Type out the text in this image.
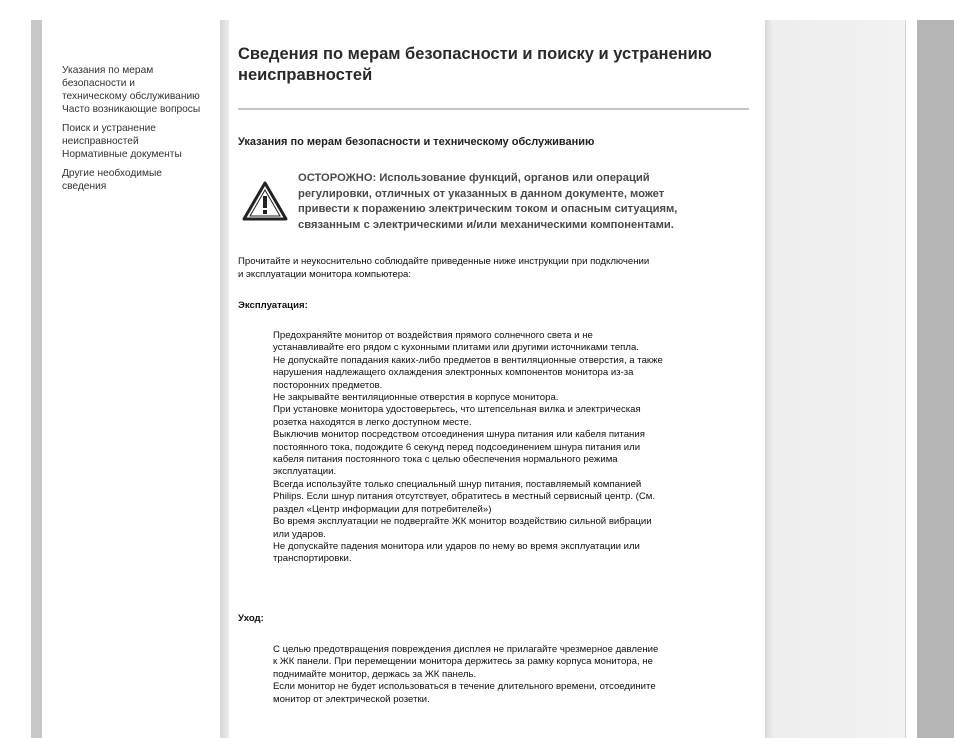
Указания по мерам
безопасности и
техническому обслуживанию
Часто возникающие вопросы
Поиск и устранение
неисправностей
Нормативные документы
Другие необходимые
сведения
Сведения по мерам безопасности и поиску и устранению
неисправностей
Указания по мерам безопасности и техническому обслуживанию
ОСТОРОЖНО: Использование функций, органов или операций
регулировки, отличных от указанных в данном документе, может
привести к поражению электрическим током и опасным ситуациям,
связанным с электрическими и/или механическими компонентами.
Прочитайте и неукоснительно соблюдайте приведенные ниже инструкции при подключении
и эксплуатации монитора компьютера:
Эксплуатация:
Предохраняйте монитор от воздействия прямого солнечного света и не
устанавливайте его рядом с кухонными плитами или другими источниками тепла.
Не допускайте попадания каких-либо предметов в вентиляционные отверстия, а также
нарушения надлежащего охлаждения электронных компонентов монитора из-за
посторонних предметов.
Не закрывайте вентиляционные отверстия в корпусе монитора.
При установке монитора удостоверьтесь, что штепсельная вилка и электрическая
розетка находятся в легко доступном месте.
Выключив монитор посредством отсоединения шнура питания или кабеля питания
постоянного тока, подождите 6 секунд перед подсоединением шнура питания или
кабеля питания постоянного тока с целью обеспечения нормального режима
эксплуатации.
Всегда используйте только специальный шнур питания, поставляемый компанией
Philips. Если шнур питания отсутствует, обратитесь в местный сервисный центр. (См.
раздел «Центр информации для потребителей»)
Во время эксплуатации не подвергайте ЖК монитор воздействию сильной вибрации
или ударов.
Не допускайте падения монитора или ударов по нему во время эксплуатации или
транспортировки.
Уход:
С целью предотвращения повреждения дисплея не прилагайте чрезмерное давление
к ЖК панели. При перемещении монитора держитесь за рамку корпуса монитора, не
поднимайте монитор, держась за ЖК панель.
Если монитор не будет использоваться в течение длительного времени, отсоедините
монитор от электрической розетки.
